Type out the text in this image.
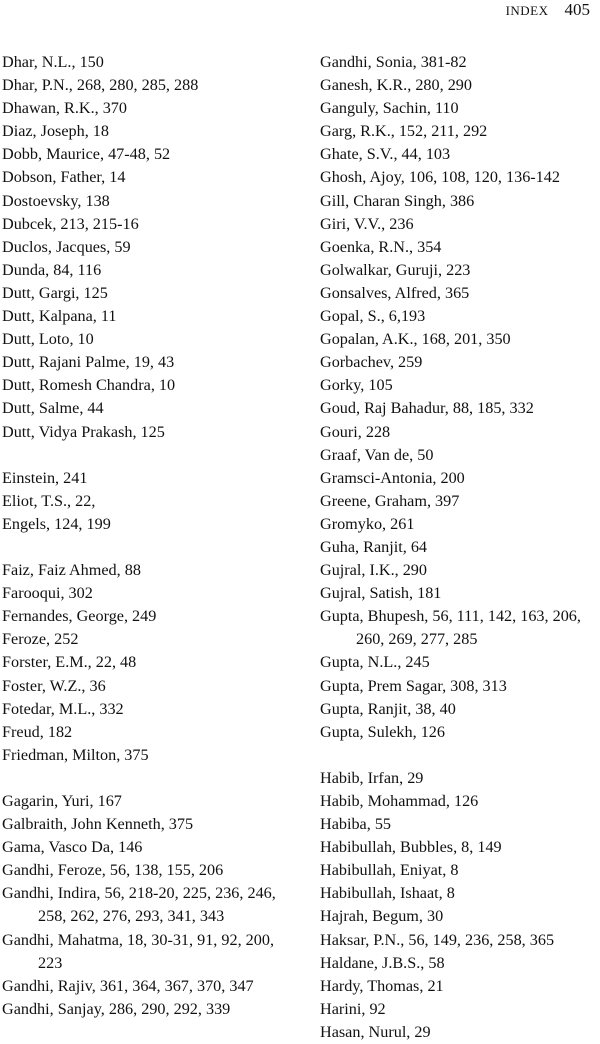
INDEX 405
Dhar, N.L., 150
Dhar, P.N., 268, 280, 285, 288
Dhawan, R.K., 370
Diaz, Joseph, 18
Dobb, Maurice, 47-48, 52
Dobson, Father, 14
Dostoevsky, 138
Dubcek, 213, 215-16
Duclos, Jacques, 59
Dunda, 84, 116
Dutt, Gargi, 125
Dutt, Kalpana, 11
Dutt, Loto, 10
Dutt, Rajani Palme, 19, 43
Dutt, Romesh Chandra, 10
Dutt, Salme, 44
Dutt, Vidya Prakash, 125
Einstein, 241
Eliot, T.S., 22,
Engels, 124, 199
Faiz, Faiz Ahmed, 88
Farooqui, 302
Fernandes, George, 249
Feroze, 252
Forster, E.M., 22, 48
Foster, W.Z., 36
Fotedar, M.L., 332
Freud, 182
Friedman, Milton, 375
Gagarin, Yuri, 167
Galbraith, John Kenneth, 375
Gama, Vasco Da, 146
Gandhi, Feroze, 56, 138, 155, 206
Gandhi, Indira, 56, 218-20, 225, 236, 246, 258, 262, 276, 293, 341, 343
Gandhi, Mahatma, 18, 30-31, 91, 92, 200, 223
Gandhi, Rajiv, 361, 364, 367, 370, 347
Gandhi, Sanjay, 286, 290, 292, 339
Gandhi, Sonia, 381-82
Ganesh, K.R., 280, 290
Ganguly, Sachin, 110
Garg, R.K., 152, 211, 292
Ghate, S.V., 44, 103
Ghosh, Ajoy, 106, 108, 120, 136-142
Gill, Charan Singh, 386
Giri, V.V., 236
Goenka, R.N., 354
Golwalkar, Guruji, 223
Gonsalves, Alfred, 365
Gopal, S., 6,193
Gopalan, A.K., 168, 201, 350
Gorbachev, 259
Gorky, 105
Goud, Raj Bahadur, 88, 185, 332
Gouri, 228
Graaf, Van de, 50
Gramsci-Antonia, 200
Greene, Graham, 397
Gromyko, 261
Guha, Ranjit, 64
Gujral, I.K., 290
Gujral, Satish, 181
Gupta, Bhupesh, 56, 111, 142, 163, 206, 260, 269, 277, 285
Gupta, N.L., 245
Gupta, Prem Sagar, 308, 313
Gupta, Ranjit, 38, 40
Gupta, Sulekh, 126
Habib, Irfan, 29
Habib, Mohammad, 126
Habiba, 55
Habibullah, Bubbles, 8, 149
Habibullah, Eniyat, 8
Habibullah, Ishaat, 8
Hajrah, Begum, 30
Haksar, P.N., 56, 149, 236, 258, 365
Haldane, J.B.S., 58
Hardy, Thomas, 21
Harini, 92
Hasan, Nurul, 29
